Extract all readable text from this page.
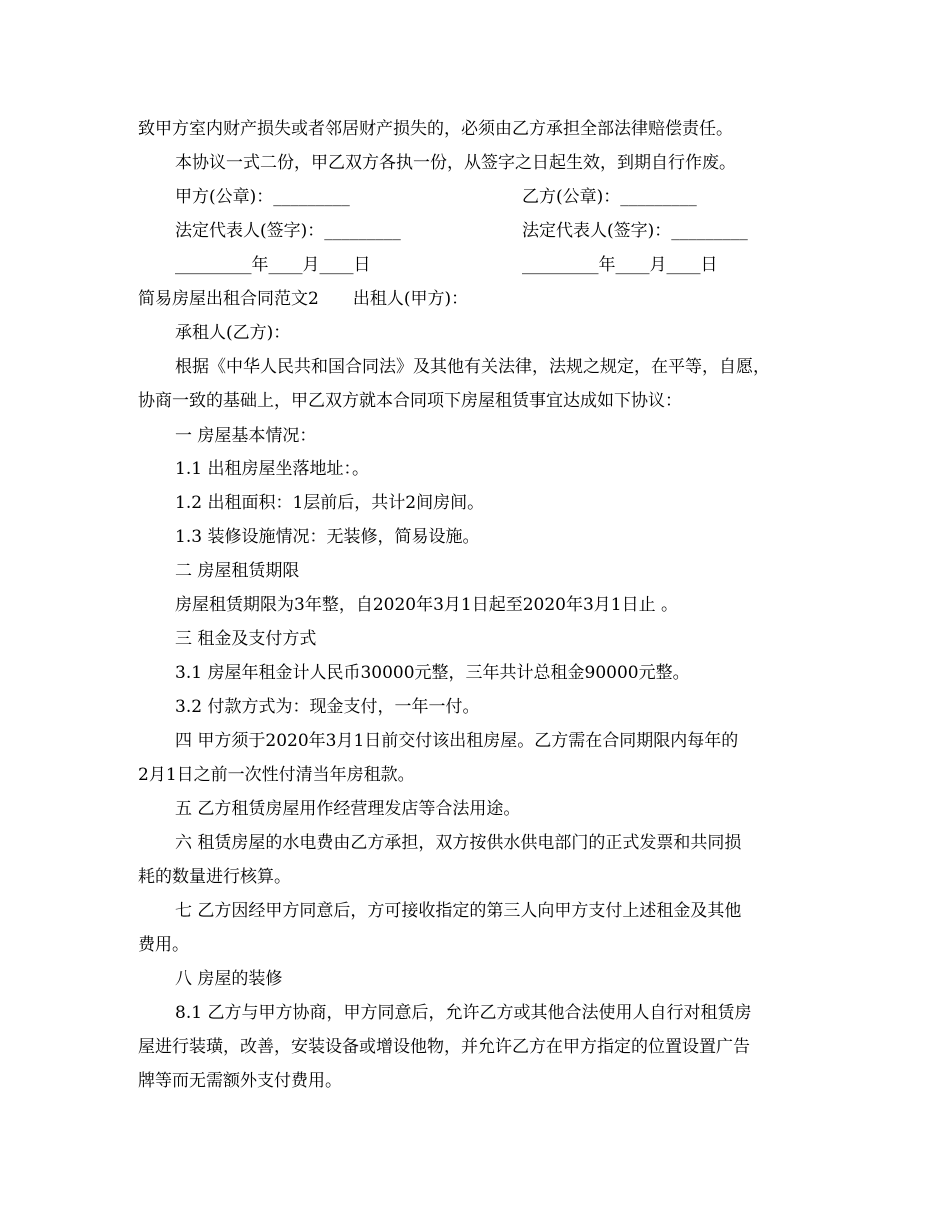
致甲方室内财产损失或者邻居财产损失的，必须由乙方承担全部法律赔偿责任。
本协议一式二份，甲乙双方各执一份，从签字之日起生效，到期自行作废。
甲方(公章)：_________	乙方(公章)：_________
法定代表人(签字)：_________	法定代表人(签字)：_________
_________年____月____日	_________年____月____日
简易房屋出租合同范文2　　出租人(甲方)：
承租人(乙方)：
根据《中华人民共和国合同法》及其他有关法律，法规之规定，在平等，自愿，
协商一致的基础上，甲乙双方就本合同项下房屋租赁事宜达成如下协议：
一 房屋基本情况：
1.1 出租房屋坐落地址：。
1.2 出租面积：1层前后，共计2间房间。
1.3 装修设施情况：无装修，简易设施。
二 房屋租赁期限
房屋租赁期限为3年整，自2020年3月1日起至2020年3月1日止 。
三 租金及支付方式
3.1 房屋年租金计人民币30000元整，三年共计总租金90000元整。
3.2 付款方式为：现金支付，一年一付。
四 甲方须于2020年3月1日前交付该出租房屋。乙方需在合同期限内每年的
2月1日之前一次性付清当年房租款。
五 乙方租赁房屋用作经营理发店等合法用途。
六 租赁房屋的水电费由乙方承担，双方按供水供电部门的正式发票和共同损
耗的数量进行核算。
七 乙方因经甲方同意后，方可接收指定的第三人向甲方支付上述租金及其他
费用。
八 房屋的装修
8.1 乙方与甲方协商，甲方同意后，允许乙方或其他合法使用人自行对租赁房
屋进行装璜，改善，安装设备或增设他物，并允许乙方在甲方指定的位置设置广告
牌等而无需额外支付费用。
